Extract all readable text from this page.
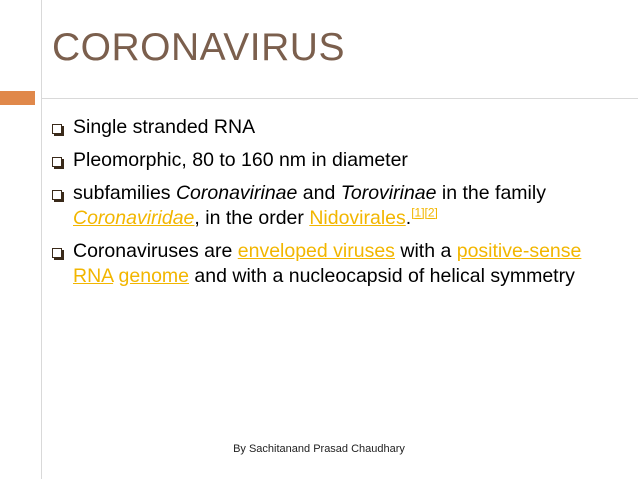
CORONAVIRUS
Single stranded RNA
Pleomorphic, 80 to 160 nm in diameter
subfamilies Coronavirinae and Torovirinae in the family Coronaviridae, in the order Nidovirales.[1][2]
Coronaviruses are enveloped viruses with a positive-sense RNA genome and with a nucleocapsid of helical symmetry
By Sachitanand Prasad Chaudhary
